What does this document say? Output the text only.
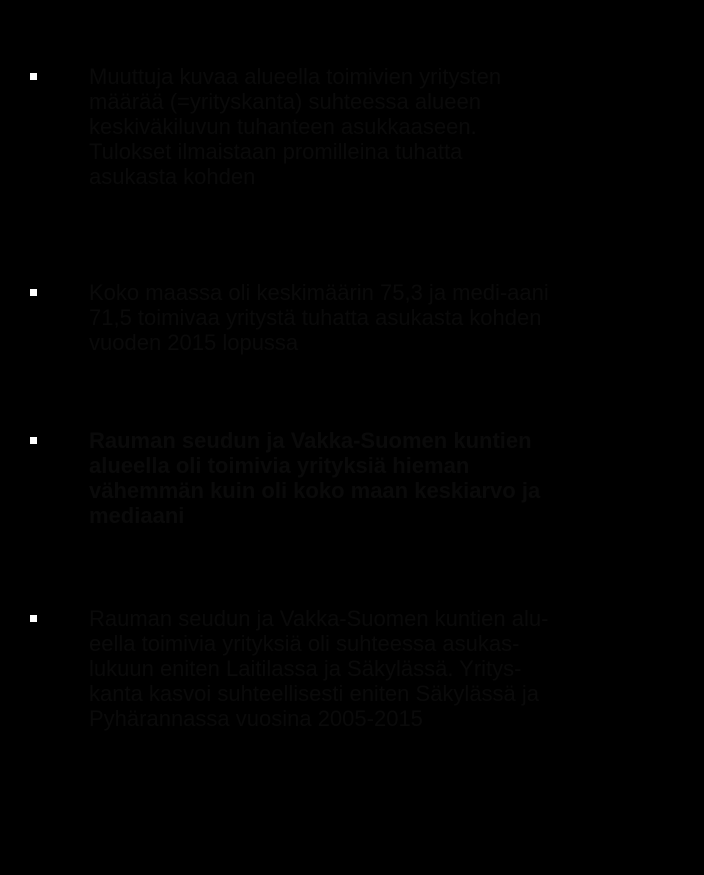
Muuttuja kuvaa alueella toimivien yritysten
määrää (=yrityskanta) suhteessa alueen
keskiväkiluvun tuhanteen asukkaaseen.
Tulokset ilmaistaan promilleina tuhatta
asukasta kohden
Koko maassa oli keskimäärin 75,3 ja medi-aani
71,5 toimivaa yritystä tuhatta asukasta kohden
vuoden 2015 lopussa
Rauman seudun ja Vakka-Suomen kuntien
alueella oli toimivia yrityksiä hieman
vähemmän kuin oli koko maan keskiarvo ja
mediaani
Rauman seudun ja Vakka-Suomen kuntien alu-
eella toimivia yrityksiä oli suhteessa asukas-
lukuun eniten Laitilassa ja Säkylässä. Yritys-
kanta kasvoi suhteellisesti eniten Säkylässä ja
Pyhärannassa vuosina 2005-2015
